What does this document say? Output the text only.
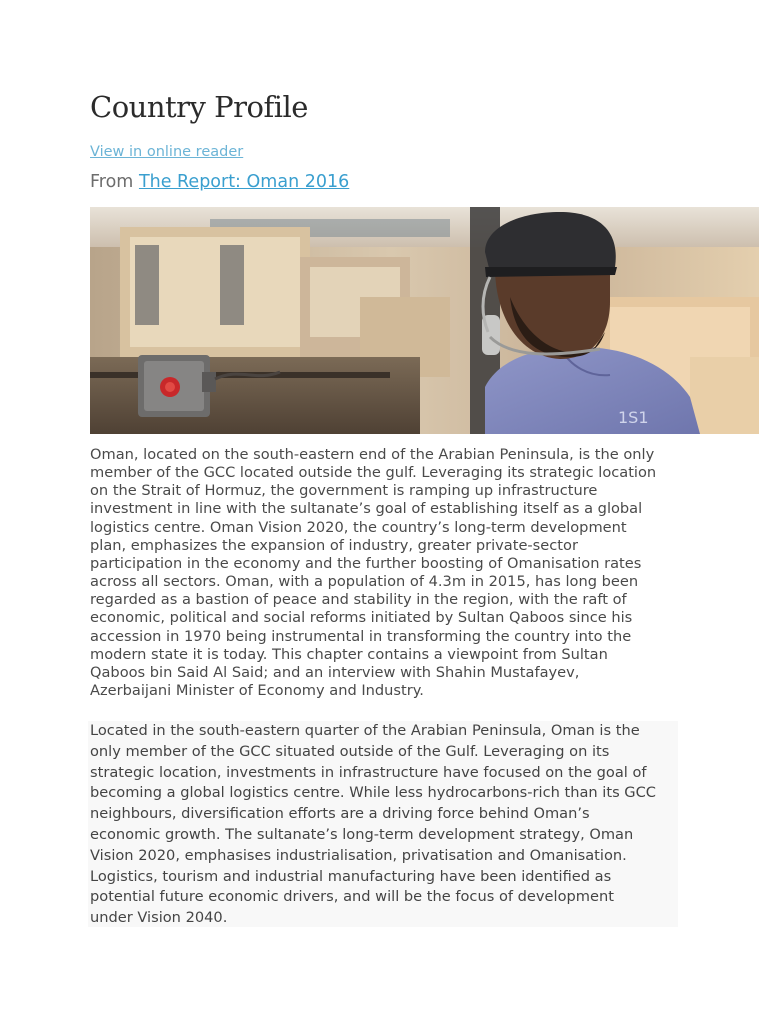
Country Profile
View in online reader
From The Report: Oman 2016
1S1

Oman, located on the south-eastern end of the Arabian Peninsula, is the only
member of the GCC located outside the gulf. Leveraging its strategic location
on the Strait of Hormuz, the government is ramping up infrastructure
investment in line with the sultanate’s goal of establishing itself as a global
logistics centre. Oman Vision 2020, the country’s long-term development
plan, emphasizes the expansion of industry, greater private-sector
participation in the economy and the further boosting of Omanisation rates
across all sectors. Oman, with a population of 4.3m in 2015, has long been
regarded as a bastion of peace and stability in the region, with the raft of
economic, political and social reforms initiated by Sultan Qaboos since his
accession in 1970 being instrumental in transforming the country into the
modern state it is today. This chapter contains a viewpoint from Sultan
Qaboos bin Said Al Said; and an interview with Shahin Mustafayev,
Azerbaijani Minister of Economy and Industry.

Located in the south-eastern quarter of the Arabian Peninsula, Oman is the
only member of the GCC situated outside of the Gulf. Leveraging on its
strategic location, investments in infrastructure have focused on the goal of
becoming a global logistics centre. While less hydrocarbons-rich than its GCC
neighbours, diversification efforts are a driving force behind Oman’s
economic growth. The sultanate’s long-term development strategy, Oman
Vision 2020, emphasises industrialisation, privatisation and Omanisation.
Logistics, tourism and industrial manufacturing have been identified as
potential future economic drivers, and will be the focus of development
under Vision 2040.
